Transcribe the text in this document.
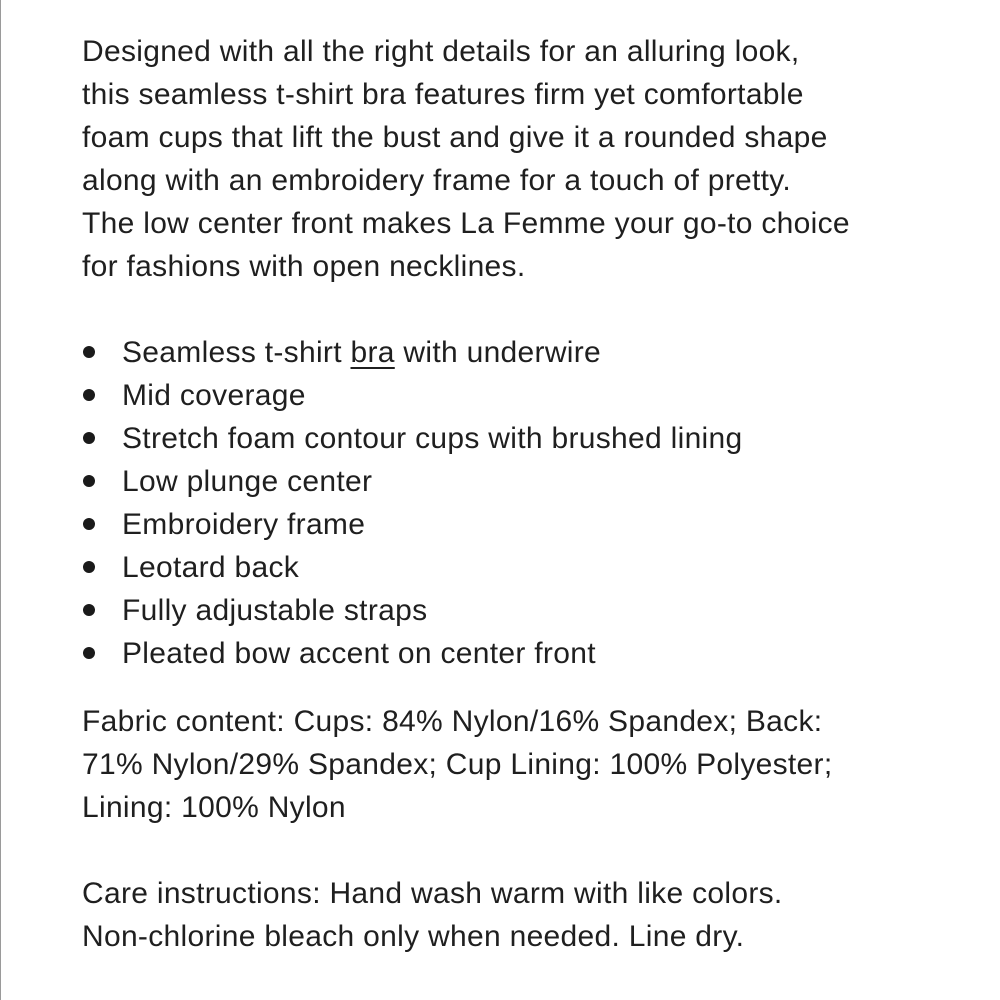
Designed with all the right details for an alluring look,
this seamless t-shirt bra features firm yet comfortable
foam cups that lift the bust and give it a rounded shape
along with an embroidery frame for a touch of pretty.
The low center front makes La Femme your go-to choice
for fashions with open necklines.

Seamless t-shirt bra with underwire
Mid coverage
Stretch foam contour cups with brushed lining
Low plunge center
Embroidery frame
Leotard back
Fully adjustable straps
Pleated bow accent on center front

Fabric content: Cups: 84% Nylon/16% Spandex; Back:
71% Nylon/29% Spandex; Cup Lining: 100% Polyester;
Lining: 100% Nylon

Care instructions: Hand wash warm with like colors.
Non-chlorine bleach only when needed. Line dry.
